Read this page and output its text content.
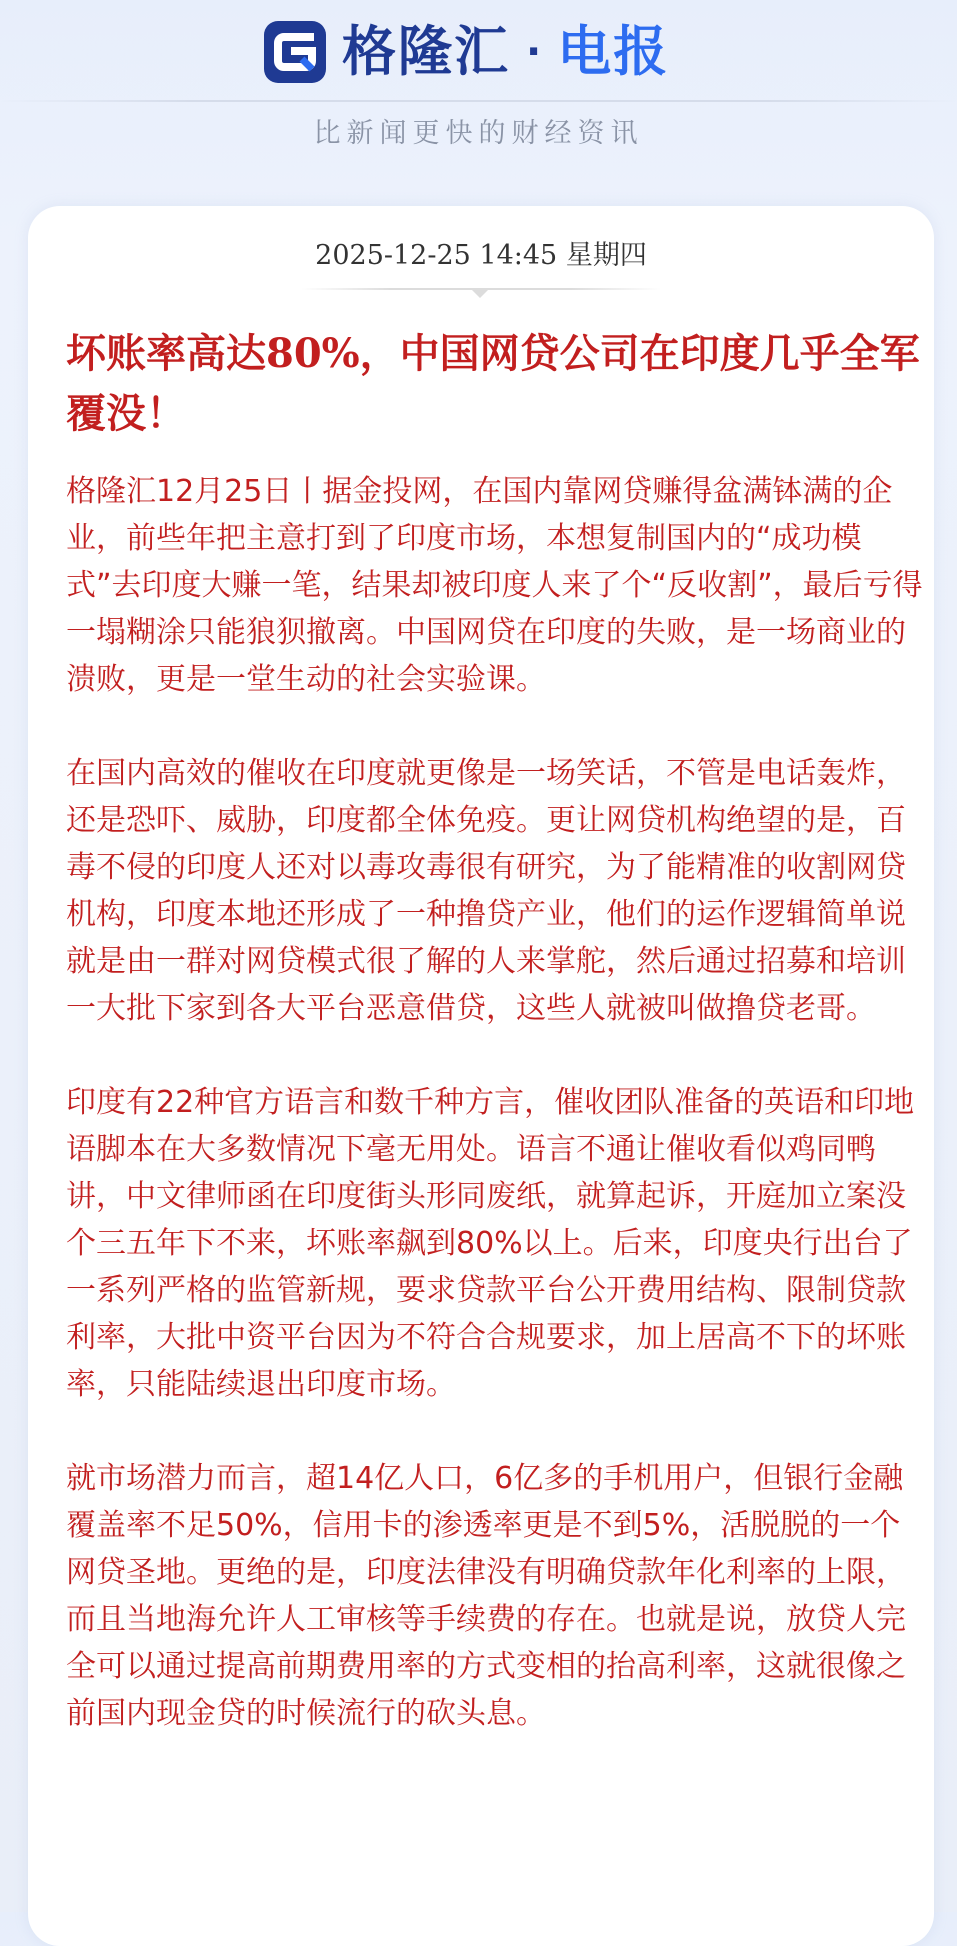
格隆汇 · 电报
比新闻更快的财经资讯
2025-12-25 14:45 星期四
坏账率高达80%，中国网贷公司在印度几乎全军覆没！

格隆汇12月25日丨据金投网，在国内靠网贷赚得盆满钵满的企业，前些年把主意打到了印度市场，本想复制国内的“成功模式”去印度大赚一笔，结果却被印度人来了个“反收割”，最后亏得一塌糊涂只能狼狈撤离。中国网贷在印度的失败，是一场商业的溃败，更是一堂生动的社会实验课。

在国内高效的催收在印度就更像是一场笑话，不管是电话轰炸，还是恐吓、威胁，印度都全体免疫。更让网贷机构绝望的是，百毒不侵的印度人还对以毒攻毒很有研究，为了能精准的收割网贷机构，印度本地还形成了一种撸贷产业，他们的运作逻辑简单说就是由一群对网贷模式很了解的人来掌舵，然后通过招募和培训一大批下家到各大平台恶意借贷，这些人就被叫做撸贷老哥。

印度有22种官方语言和数千种方言，催收团队准备的英语和印地语脚本在大多数情况下毫无用处。语言不通让催收看似鸡同鸭讲，中文律师函在印度街头形同废纸，就算起诉，开庭加立案没个三五年下不来，坏账率飙到80%以上。后来，印度央行出台了一系列严格的监管新规，要求贷款平台公开费用结构、限制贷款利率，大批中资平台因为不符合合规要求，加上居高不下的坏账率，只能陆续退出印度市场。

就市场潜力而言，超14亿人口，6亿多的手机用户，但银行金融覆盖率不足50%，信用卡的渗透率更是不到5%，活脱脱的一个网贷圣地。更绝的是，印度法律没有明确贷款年化利率的上限，而且当地海允许人工审核等手续费的存在。也就是说，放贷人完全可以通过提高前期费用率的方式变相的抬高利率，这就很像之前国内现金贷的时候流行的砍头息。
